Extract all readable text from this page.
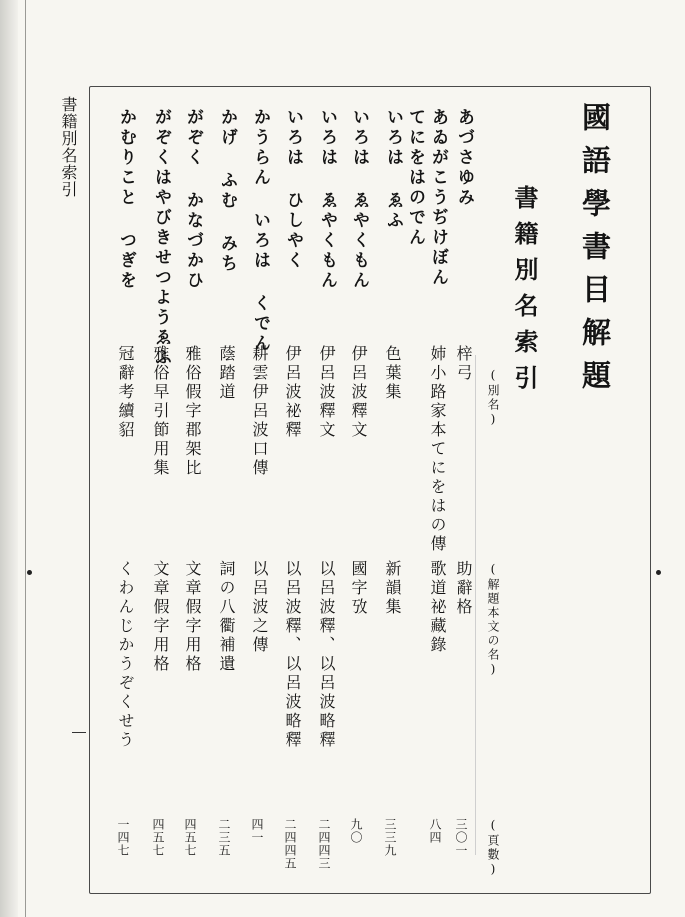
書籍別名索引	國語學書目解題
書籍別名索引
(別名)
(解題本文の名)
(頁數)
あづさゆみ
梓弓
助辭格
三〇一
あゐがこうぢけぼん
姉小路家本てにをはの傳
歌道祕藏錄
八四
てにをはのでん
いろは ゑふ
色葉集
新韻集
三三九
いろは ゑやくもん
伊呂波釋文
國字攷
九〇
いろは ゑやくもん
伊呂波釋文
以呂波釋、以呂波略釋
二四四三
いろは ひしやく
伊呂波祕釋
以呂波釋、以呂波略釋
二四四五
かうらん いろは くでん
耕雲伊呂波口傳
以呂波之傳
四一
かげ ふむ みち
蔭踏道
詞の八衢補遺
二三五
がぞく かなづかひ
雅俗假字郡架比
文章假字用格
四五七
がぞくはやびきせつようゑふ
雅俗早引節用集
文章假字用格
四五七
かむりこと つぎを
冠辭考續貂
くわんじかうぞくせう
一四七
